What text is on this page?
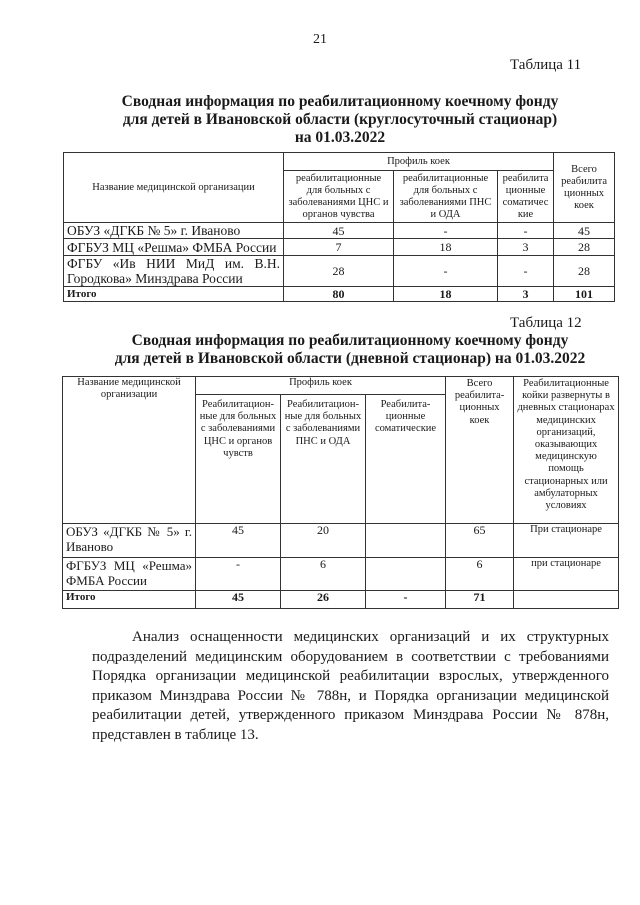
21
Таблица 11
Сводная информация по реабилитационному коечному фонду
для детей в Ивановской области (круглосуточный стационар)
на 01.03.2022
Название медицинской организации	Профиль коек			Всего реабилита ционных коек
	реабилитационные для больных с заболеваниями ЦНС и органов чувства	реабилитационные для больных с заболеваниями ПНС и ОДА	реабилита ционные соматичес кие	
ОБУЗ «ДГКБ № 5» г. Иваново	45	-	-	45
ФГБУЗ МЦ «Решма» ФМБА России	7	18	3	28
ФГБУ «Ив НИИ МиД им. В.Н. Городкова» Минздрава России	28	-	-	28
Итого	80	18	3	101
Таблица 12
Сводная информация по реабилитационному коечному фонду
для детей в Ивановской области (дневной стационар) на 01.03.2022
Название медицинской организации	Профиль коек			Всего реабилита-ционных коек	Реабилитационные койки развернуты в дневных стационарах медицинских организаций, оказывающих медицинскую помощь стационарных или амбулаторных условиях
	Реабилитацион-ные для больных с заболеваниями ЦНС и органов чувств	Реабилитацион-ные для больных с заболеваниями ПНС и ОДА	Реабилита-ционные соматические		
ОБУЗ «ДГКБ № 5» г. Иваново	45	20		65	При стационаре
ФГБУЗ МЦ «Решма» ФМБА России	-	6		6	при стационаре
Итого	45	26	-	71	

Анализ оснащенности медицинских организаций и их структурных подразделений медицинским оборудованием в соответствии с требованиями Порядка организации медицинской реабилитации взрослых, утвержденного приказом Минздрава России № 788н, и Порядка организации медицинской реабилитации детей, утвержденного приказом Минздрава России № 878н, представлен в таблице 13.
